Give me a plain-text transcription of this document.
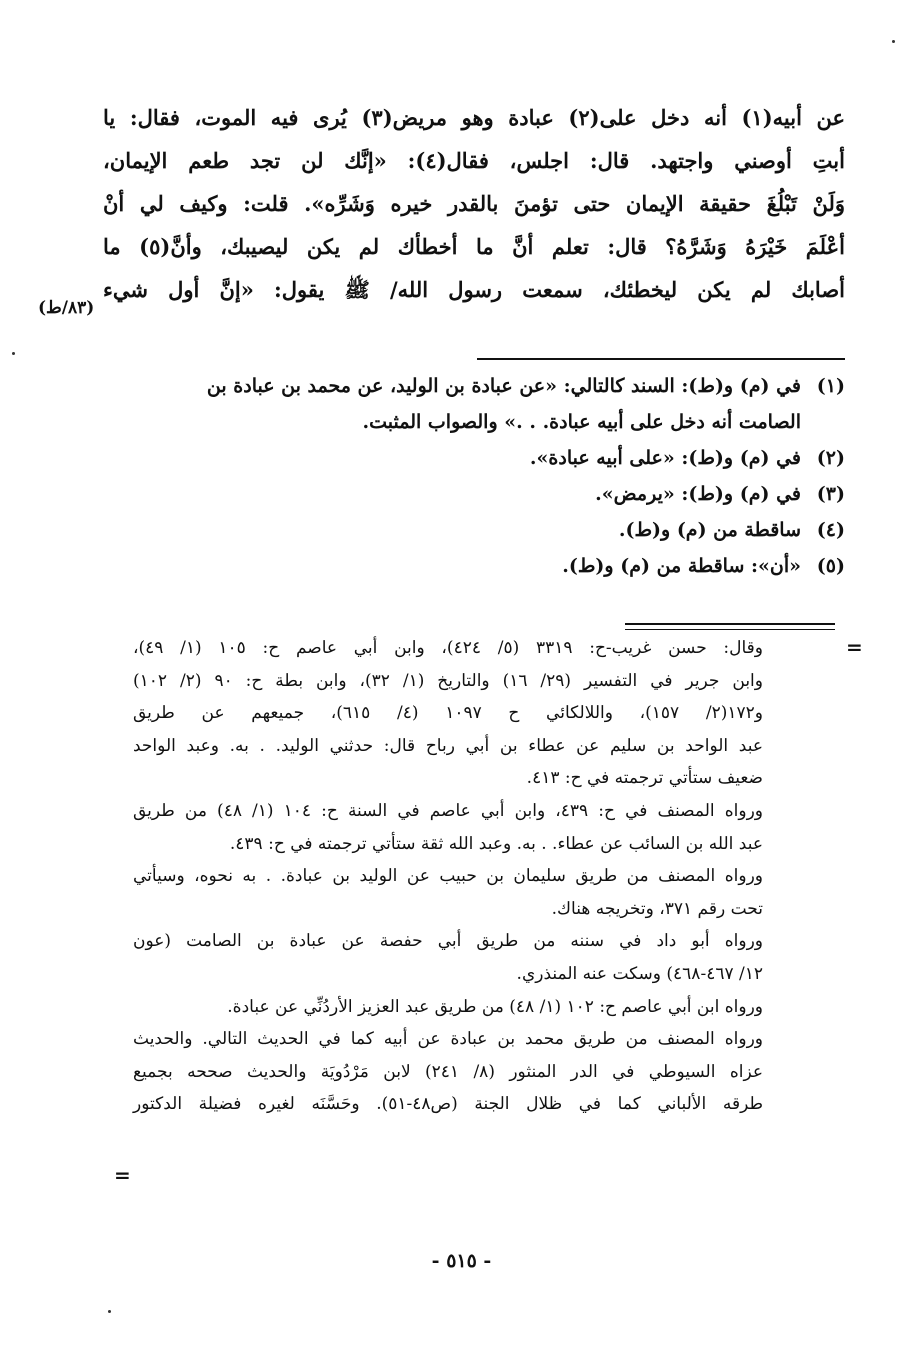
عن أبيه(١) أنه دخل على(٢) عبادة وهو مريض(٣) يُرى فيه الموت، فقال: يا
أبتِ أوصني واجتهد. قال: اجلس، فقال(٤): «إنَّك لن تجد طعم الإيمان،
وَلَنْ تَبْلُغَ حقيقة الإيمان حتى تؤمنَ بالقدر خيره وَشَرِّه». قلت: وكيف لي أنْ
أعْلَمَ خَيْرَهُ وَشَرَّهُ؟ قال: تعلم أنَّ ما أخطأك لم يكن ليصيبك، وأنَّ(٥) ما
أصابك لم يكن ليخطئك، سمعت رسول الله/ ﷺ يقول: «إنَّ أول شيء
(٨٣/ط)
(١)في (م) و(ط): السند كالتالي: «عن عبادة بن الوليد، عن محمد بن عبادة بن
الصامت أنه دخل على أبيه عبادة. . .» والصواب المثبت.
(٢)في (م) و(ط): «على أبيه عبادة».
(٣)في (م) و(ط): «يرمض».
(٤)ساقطة من (م) و(ط).
(٥)«أن»: ساقطة من (م) و(ط).
=
وقال: حسن غريب-ح: ٣٣١٩ (٥/ ٤٢٤)، وابن أبي عاصم ح: ١٠٥ (١/ ٤٩)،
وابن جرير في التفسير (٢٩/ ١٦) والتاريخ (١/ ٣٢)، وابن بطة ح: ٩٠ (٢/ ١٠٢)
و١٧٢(٢/ ١٥٧)، واللالكائي ح ١٠٩٧ (٤/ ٦١٥)، جميعهم عن طريق
عبد الواحد بن سليم عن عطاء بن أبي رباح قال: حدثني الوليد. . به. وعبد الواحد
ضعيف ستأتي ترجمته في ح: ٤١٣.
ورواه المصنف في ح: ٤٣٩، وابن أبي عاصم في السنة ح: ١٠٤ (١/ ٤٨) من طريق
عبد الله بن السائب عن عطاء. . به. وعبد الله ثقة ستأتي ترجمته في ح: ٤٣٩.
ورواه المصنف من طريق سليمان بن حبيب عن الوليد بن عبادة. . به نحوه، وسيأتي
تحت رقم ٣٧١، وتخريجه هناك.
ورواه أبو داد في سننه من طريق أبي حفصة عن عبادة بن الصامت (عون
١٢/ ٤٦٧-٤٦٨) وسكت عنه المنذري.
ورواه ابن أبي عاصم ح: ١٠٢ (١/ ٤٨) من طريق عبد العزيز الأردُنِّي عن عبادة.
ورواه المصنف من طريق محمد بن عبادة عن أبيه كما في الحديث التالي. والحديث
عزاه السيوطي في الدر المنثور (٨/ ٢٤١) لابن مَرْدُويَة والحديث صححه بجميع
طرقه الألباني كما في ظلال الجنة (ص٤٨-٥١). وحَسَّنَه لغيره فضيلة الدكتور
=
- ٥١٥ -
